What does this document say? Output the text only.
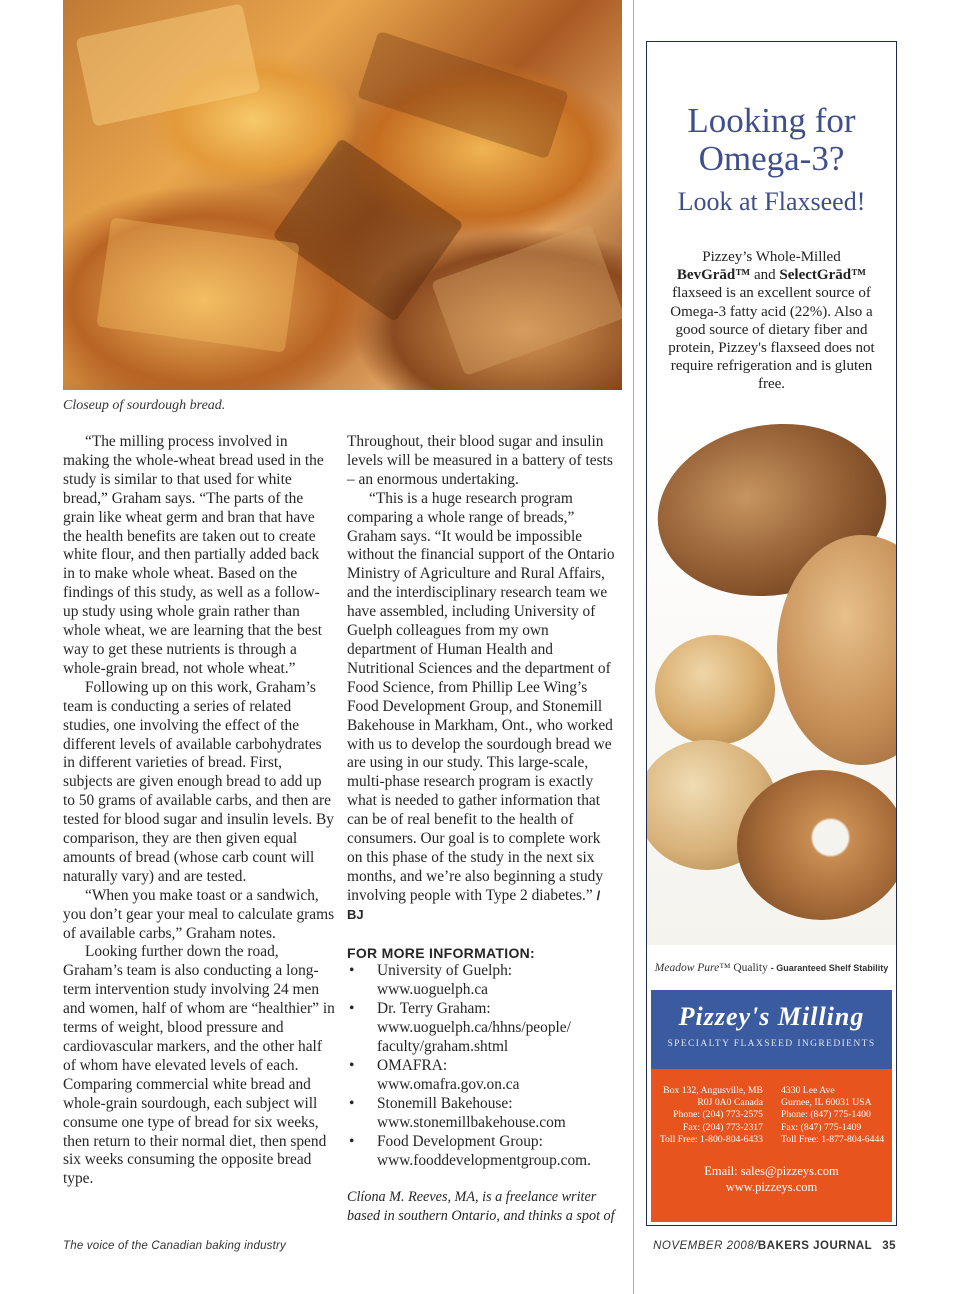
Closeup of sourdough bread.

“The milling process involved in making the whole-wheat bread used in the study is similar to that used for white bread,” Graham says. “The parts of the grain like wheat germ and bran that have the health benefits are taken out to create white flour, and then partially added back in to make whole wheat. Based on the findings of this study, as well as a follow-up study using whole grain rather than whole wheat, we are learning that the best way to get these nutrients is through a whole-grain bread, not whole wheat.”

Following up on this work, Graham’s team is conducting a series of related studies, one involving the effect of the different levels of available carbohydrates in different varieties of bread. First, subjects are given enough bread to add up to 50 grams of available carbs, and then are tested for blood sugar and insulin levels. By comparison, they are then given equal amounts of bread (whose carb count will naturally vary) and are tested.

“When you make toast or a sandwich, you don’t gear your meal to calculate grams of available carbs,” Graham notes.

Looking further down the road, Graham’s team is also conducting a long-term intervention study involving 24 men and women, half of whom are “healthier” in terms of weight, blood pressure and cardiovascular markers, and the other half of whom have elevated levels of each. Comparing commercial white bread and whole-grain sourdough, each subject will consume one type of bread for six weeks, then return to their normal diet, then spend six weeks consuming the opposite bread type.

Throughout, their blood sugar and insulin levels will be measured in a battery of tests – an enormous undertaking.

“This is a huge research program comparing a whole range of breads,” Graham says. “It would be impossible without the financial support of the Ontario Ministry of Agriculture and Rural Affairs, and the interdisciplinary research team we have assembled, including University of Guelph colleagues from my own department of Human Health and Nutritional Sciences and the department of Food Science, from Phillip Lee Wing’s Food Development Group, and Stonemill Bakehouse in Markham, Ont., who worked with us to develop the sourdough bread we are using in our study. This large-scale, multi-phase research program is exactly what is needed to gather information that can be of real benefit to the health of consumers. Our goal is to complete work on this phase of the study in the next six months, and we’re also beginning a study involving people with Type 2 diabetes.” / BJ

FOR MORE INFORMATION:
• University of Guelph:
www.uoguelph.ca
• Dr. Terry Graham:
www.uoguelph.ca/hhns/people/ faculty/graham.shtml
• OMAFRA:
www.omafra.gov.on.ca
• Stonemill Bakehouse:
www.stonemillbakehouse.com
• Food Development Group:
www.fooddevelopmentgroup.com.
Clíona M. Reeves, MA, is a freelance writer based in southern Ontario, and thinks a spot of
The voice of the Canadian baking industry	NOVEMBER 2008/BAKERS JOURNAL 35
Looking for Omega-3?
Look at Flaxseed!
Pizzey’s Whole-Milled
BevGrād™ and SelectGrād™ flaxseed is an excellent source of Omega-3 fatty acid (22%). Also a good source of dietary fiber and protein, Pizzey's flaxseed does not require refrigeration and is gluten free.
Meadow Pure™ Quality - Guaranteed Shelf Stability
Pizzey's Milling
SPECIALTY FLAXSEED INGREDIENTS
Box 132, Angusville, MB
R0J 0A0 Canada
Phone: (204) 773-2575
Fax: (204) 773-2317
Toll Free: 1-800-804-6433
4330 Lee Ave
Gurnee, IL 60031 USA
Phone: (847) 775-1400
Fax: (847) 775-1409
Toll Free: 1-877-804-6444
Email: sales@pizzeys.com
www.pizzeys.com
